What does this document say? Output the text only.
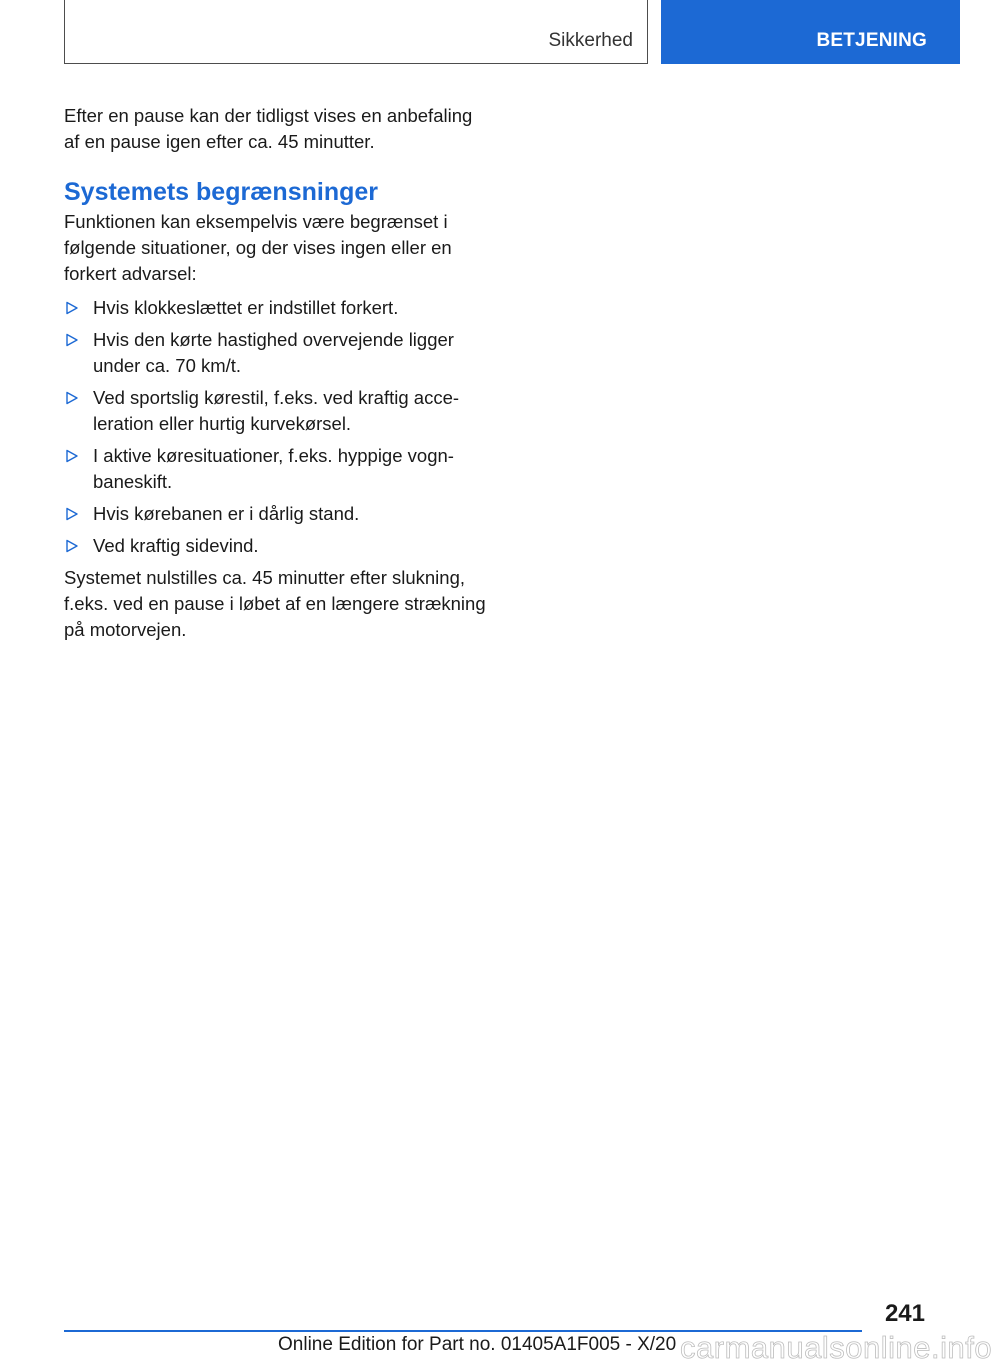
Sikkerhed	BETJENING

Efter en pause kan der tidligst vises en anbefaling af en pause igen efter ca. 45 minutter.

Systemets begrænsninger

Funktionen kan eksempelvis være begrænset i følgende situationer, og der vises ingen eller en forkert advarsel:

Hvis klokkeslættet er indstillet forkert.
Hvis den kørte hastighed overvejende ligger under ca. 70 km/t.
Ved sportslig kørestil, f.eks. ved kraftig acceleration eller hurtig kurvekørsel.
I aktive køresituationer, f.eks. hyppige vognbaneskift.
Hvis kørebanen er i dårlig stand.
Ved kraftig sidevind.

Systemet nulstilles ca. 45 minutter efter slukning, f.eks. ved en pause i løbet af en længere strækning på motorvejen.

241
Online Edition for Part no. 01405A1F005 - X/20 carmanualsonline.info
